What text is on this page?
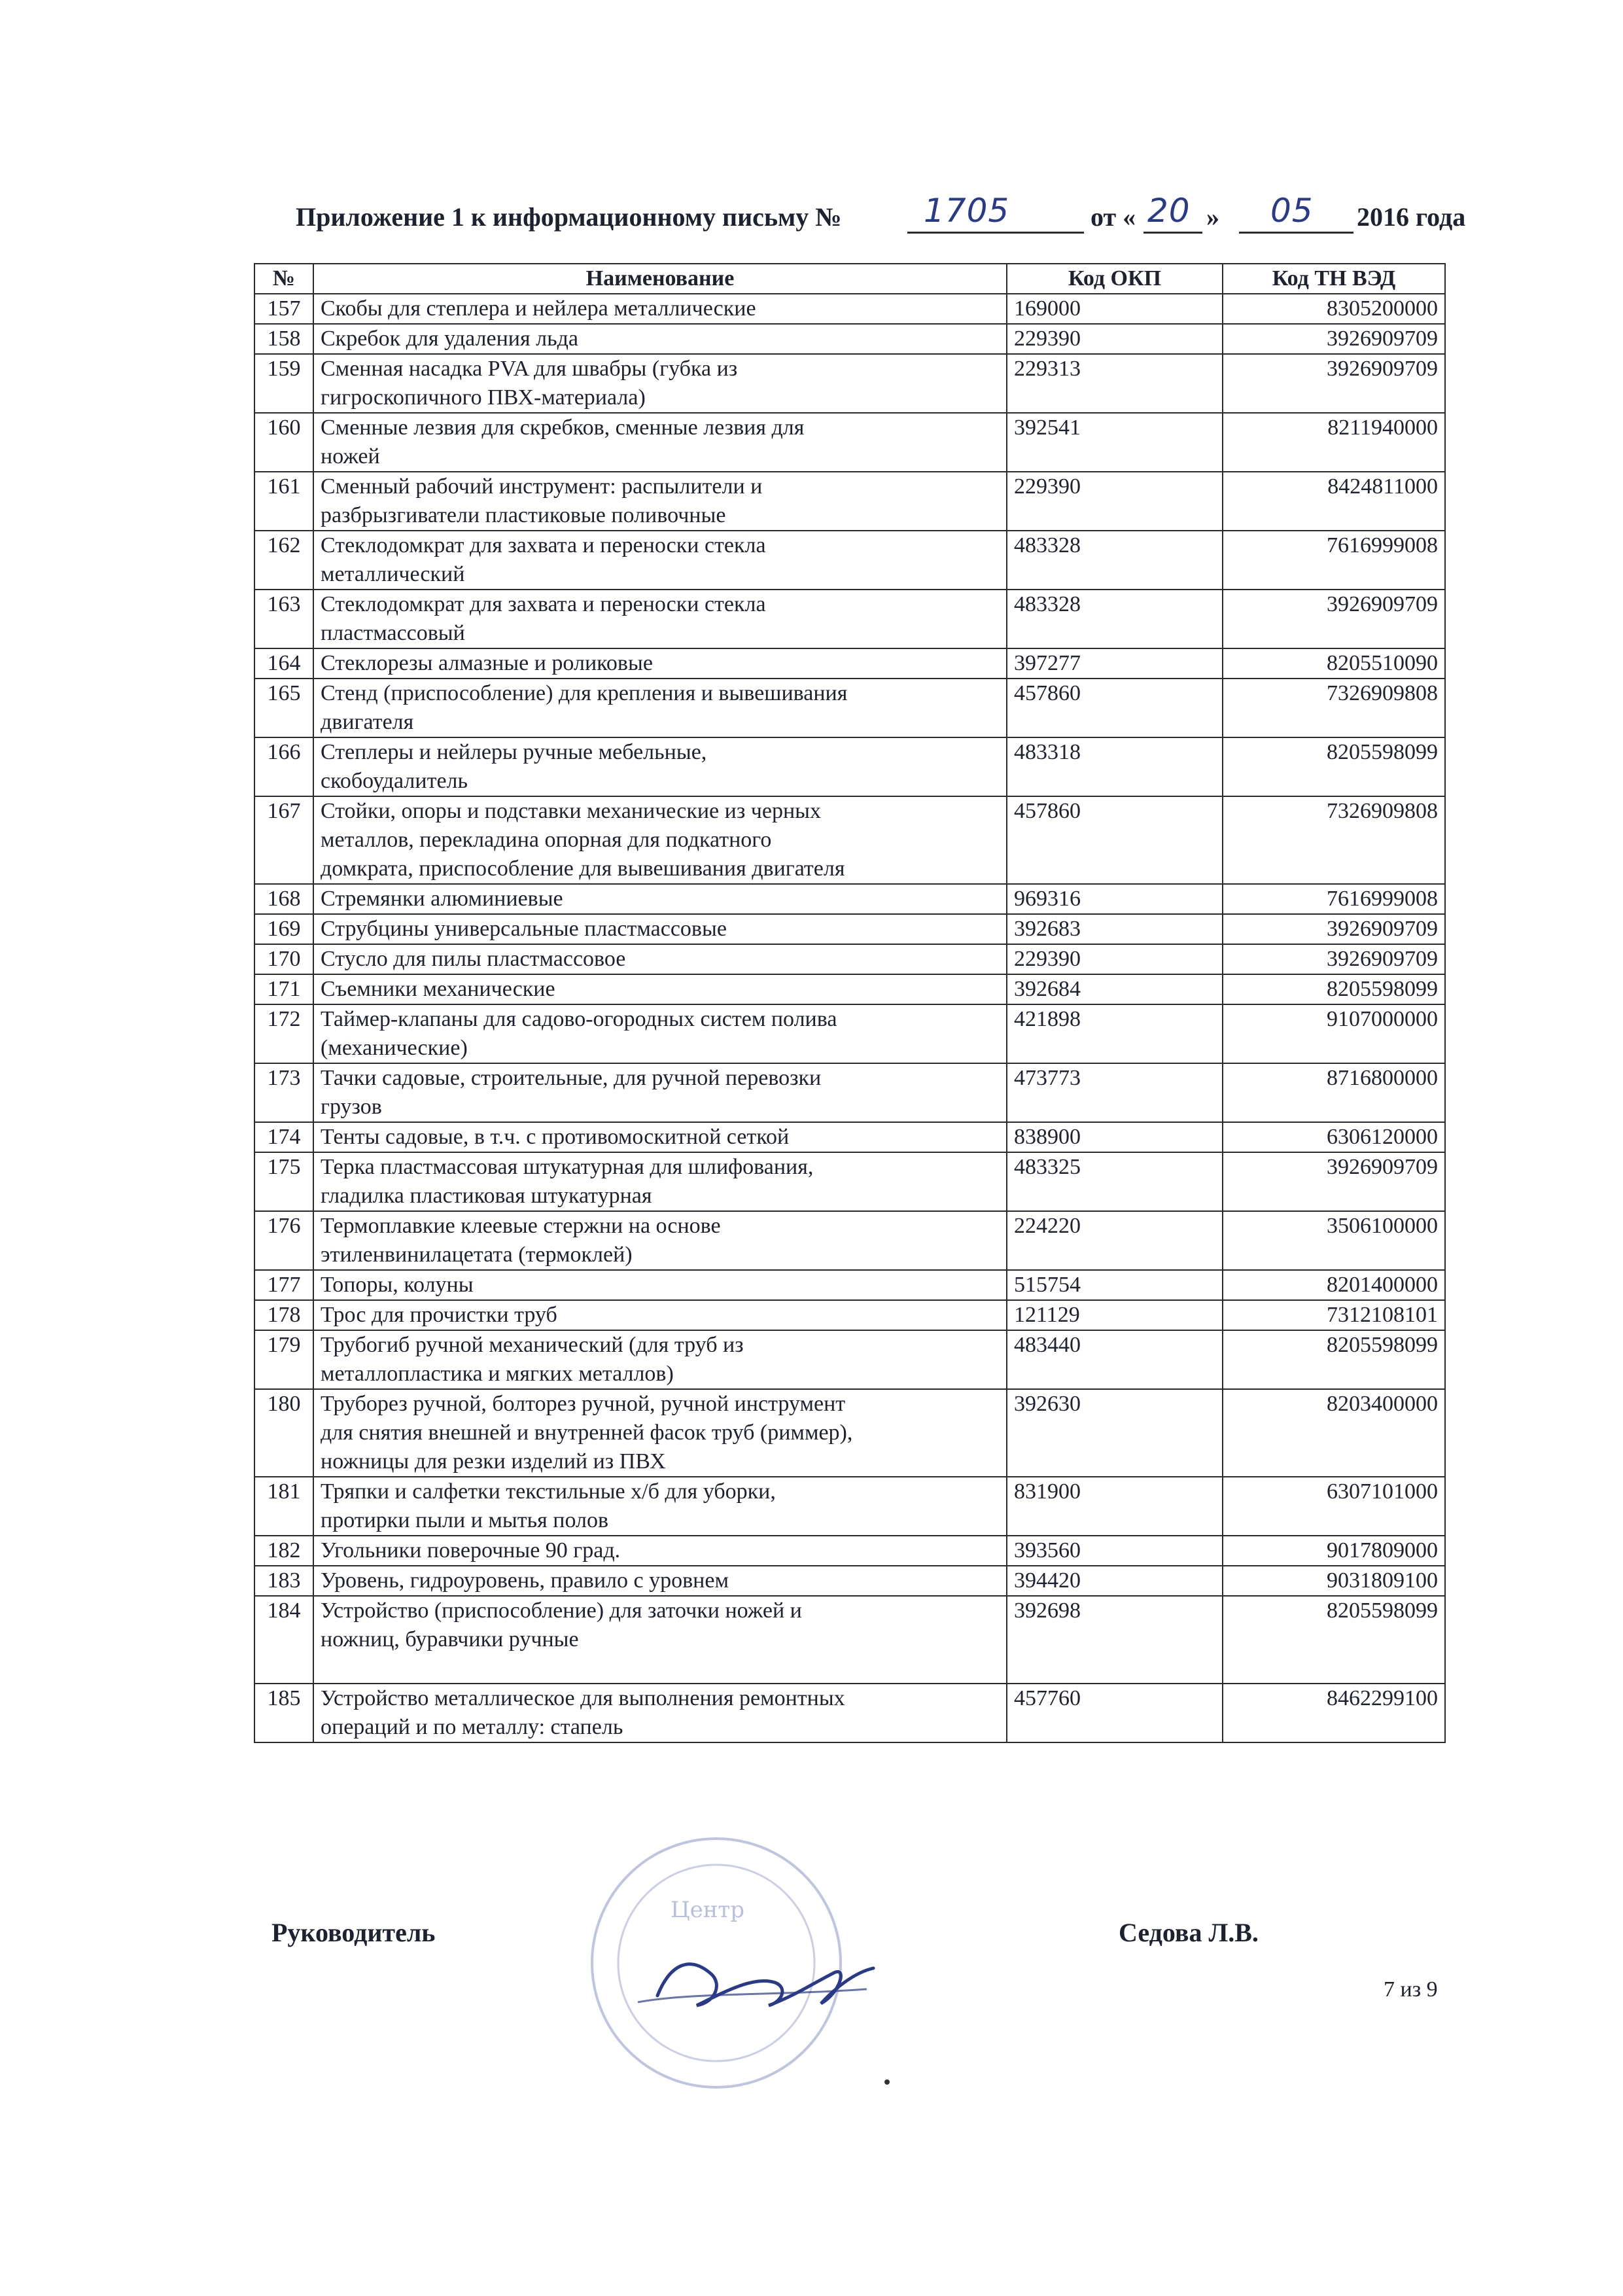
Приложение 1 к информационному письму №	1705	от « 20 » 05 2016 года
№	Наименование	Код ОКП	Код ТН ВЭД
157	Скобы для степлера и нейлера металлические	169000	8305200000
158	Скребок для удаления льда	229390	3926909709
159	Сменная насадка PVA для швабры (губка из
гигроскопичного ПВХ-материала)	229313	3926909709
160	Сменные лезвия для скребков, сменные лезвия для
ножей	392541	8211940000
161	Сменный рабочий инструмент: распылители и
разбрызгиватели пластиковые поливочные	229390	8424811000
162	Стеклодомкрат для захвата и переноски стекла
металлический	483328	7616999008
163	Стеклодомкрат для захвата и переноски стекла
пластмассовый	483328	3926909709
164	Стеклорезы алмазные и роликовые	397277	8205510090
165	Стенд (приспособление) для крепления и вывешивания
двигателя	457860	7326909808
166	Степлеры и нейлеры ручные мебельные,
скобоудалитель	483318	8205598099
167	Стойки, опоры и подставки механические из черных
металлов, перекладина опорная для подкатного
домкрата, приспособление для вывешивания двигателя	457860	7326909808
168	Стремянки алюминиевые	969316	7616999008
169	Струбцины универсальные пластмассовые	392683	3926909709
170	Стусло для пилы пластмассовое	229390	3926909709
171	Съемники механические	392684	8205598099
172	Таймер-клапаны для садово-огородных систем полива
(механические)	421898	9107000000
173	Тачки садовые, строительные, для ручной перевозки
грузов	473773	8716800000
174	Тенты садовые, в т.ч. с противомоскитной сеткой	838900	6306120000
175	Терка пластмассовая штукатурная для шлифования,
гладилка пластиковая штукатурная	483325	3926909709
176	Термоплавкие клеевые стержни на основе
этиленвинилацетата (термоклей)	224220	3506100000
177	Топоры, колуны	515754	8201400000
178	Трос для прочистки труб	121129	7312108101
179	Трубогиб ручной механический (для труб из
металлопластика и мягких металлов)	483440	8205598099
180	Труборез ручной, болторез ручной, ручной инструмент
для снятия внешней и внутренней фасок труб (риммер),
ножницы для резки изделий из ПВХ	392630	8203400000
181	Тряпки и салфетки текстильные х/б для уборки,
протирки пыли и мытья полов	831900	6307101000
182	Угольники поверочные 90 град.	393560	9017809000
183	Уровень, гидроуровень, правило с уровнем	394420	9031809100
184	Устройство (приспособление) для заточки ножей и
ножниц, буравчики ручные	392698	8205598099
185	Устройство металлическое для выполнения ремонтных
операций и по металлу: стапель	457760	8462299100
Центр
Руководитель	Седова Л.В.
7 из 9
